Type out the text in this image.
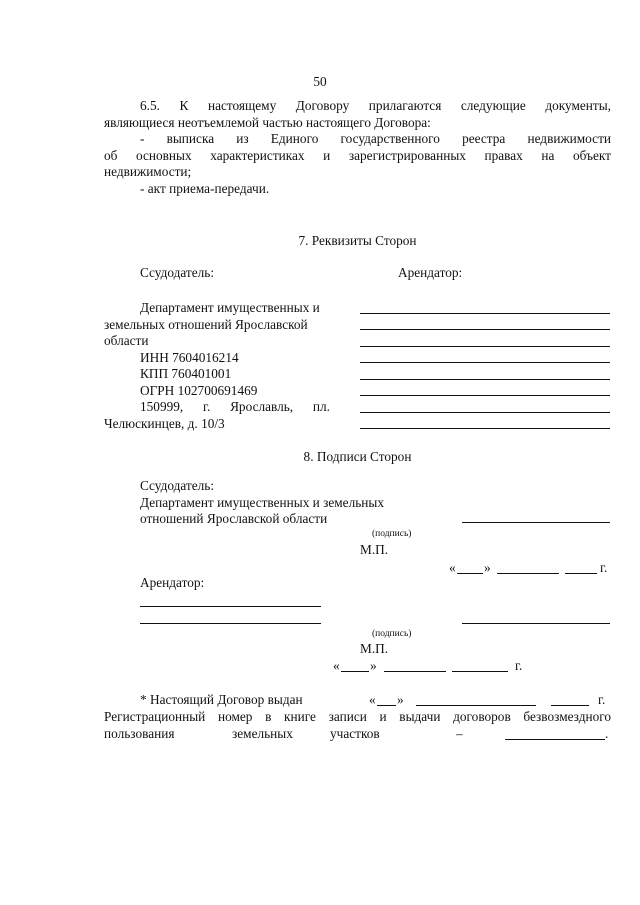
50
6.5. К настоящему Договору прилагаются следующие документы,
являющиеся неотъемлемой частью настоящего Договора:
- выписка из Единого государственного реестра недвижимости
об основных характеристиках и зарегистрированных правах на объект
недвижимости;
- акт приема-передачи.
7. Реквизиты Сторон
Ссудодатель:	Арендатор:
Департамент имущественных и
земельных отношений Ярославской
области
ИНН 7604016214
КПП 760401001
ОГРН 102700691469
150999, г. Ярославль, пл.
Челюскинцев, д. 10/3
8. Подписи Сторон
Ссудодатель:
Департамент имущественных и земельных
отношений Ярославской области
(подпись)
М.П.
« »	г.
Арендатор:
(подпись)
М.П.
« »	г.
* Настоящий Договор выдан	« »	г.
Регистрационный номер в книге записи и выдачи договоров безвозмездного
пользования	земельных	участков	–	.
